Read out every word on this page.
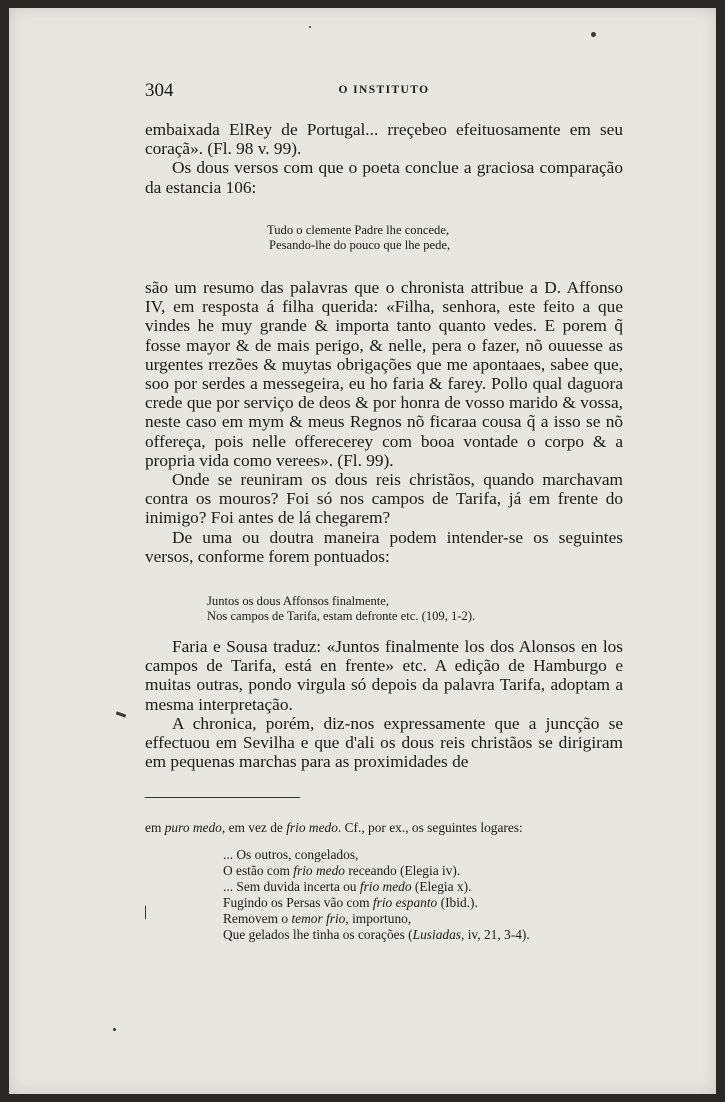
304	O INSTITUTO

embaixada ElRey de Portugal... rreçebeo efeituosamente em seu coraçã». (Fl. 98 v. 99).

Os dous versos com que o poeta conclue a graciosa comparação da estancia 106:

Tudo o clemente Padre lhe concede,
Pesando-lhe do pouco que lhe pede,

são um resumo das palavras que o chronista attribue a D. Affonso IV, em resposta á filha querida: «Filha, senhora, este feito a que vindes he muy grande & importa tanto quanto vedes. E porem q̃ fosse mayor & de mais perigo, & nelle, pera o fazer, nõ ouuesse as urgentes rrezões & muytas obrigações que me apontaaes, sabee que, soo por serdes a messegeira, eu ho faria & farey. Pollo qual daguora crede que por serviço de deos & por honra de vosso marido & vossa, neste caso em mym & meus Regnos nõ ficaraa cousa q̃ a isso se nõ offereça, pois nelle offerecerey com booa vontade o corpo & a propria vida como verees». (Fl. 99).

Onde se reuniram os dous reis christãos, quando marchavam contra os mouros? Foi só nos campos de Tarifa, já em frente do inimigo? Foi antes de lá chegarem?

De uma ou doutra maneira podem intender-se os seguintes versos, conforme forem pontuados:

Juntos os dous Affonsos finalmente,
Nos campos de Tarifa, estam defronte etc. (109, 1-2).

Faria e Sousa traduz: «Juntos finalmente los dos Alonsos en los campos de Tarifa, está en frente» etc. A edição de Hamburgo e muitas outras, pondo virgula só depois da palavra Tarifa, adoptam a mesma interpretação.

A chronica, porém, diz-nos expressamente que a juncção se effectuou em Sevilha e que d'ali os dous reis christãos se dirigiram em pequenas marchas para as proximidades de

em puro medo, em vez de frio medo. Cf., por ex., os seguintes logares:
... Os outros, congelados,
O estão com frio medo receando (Elegia iv).
... Sem duvida incerta ou frio medo (Elegia x).
Fugindo os Persas vão com frio espanto (Ibid.).
Removem o temor frio, importuno,
Que gelados lhe tinha os corações (Lusiadas, iv, 21, 3-4).
